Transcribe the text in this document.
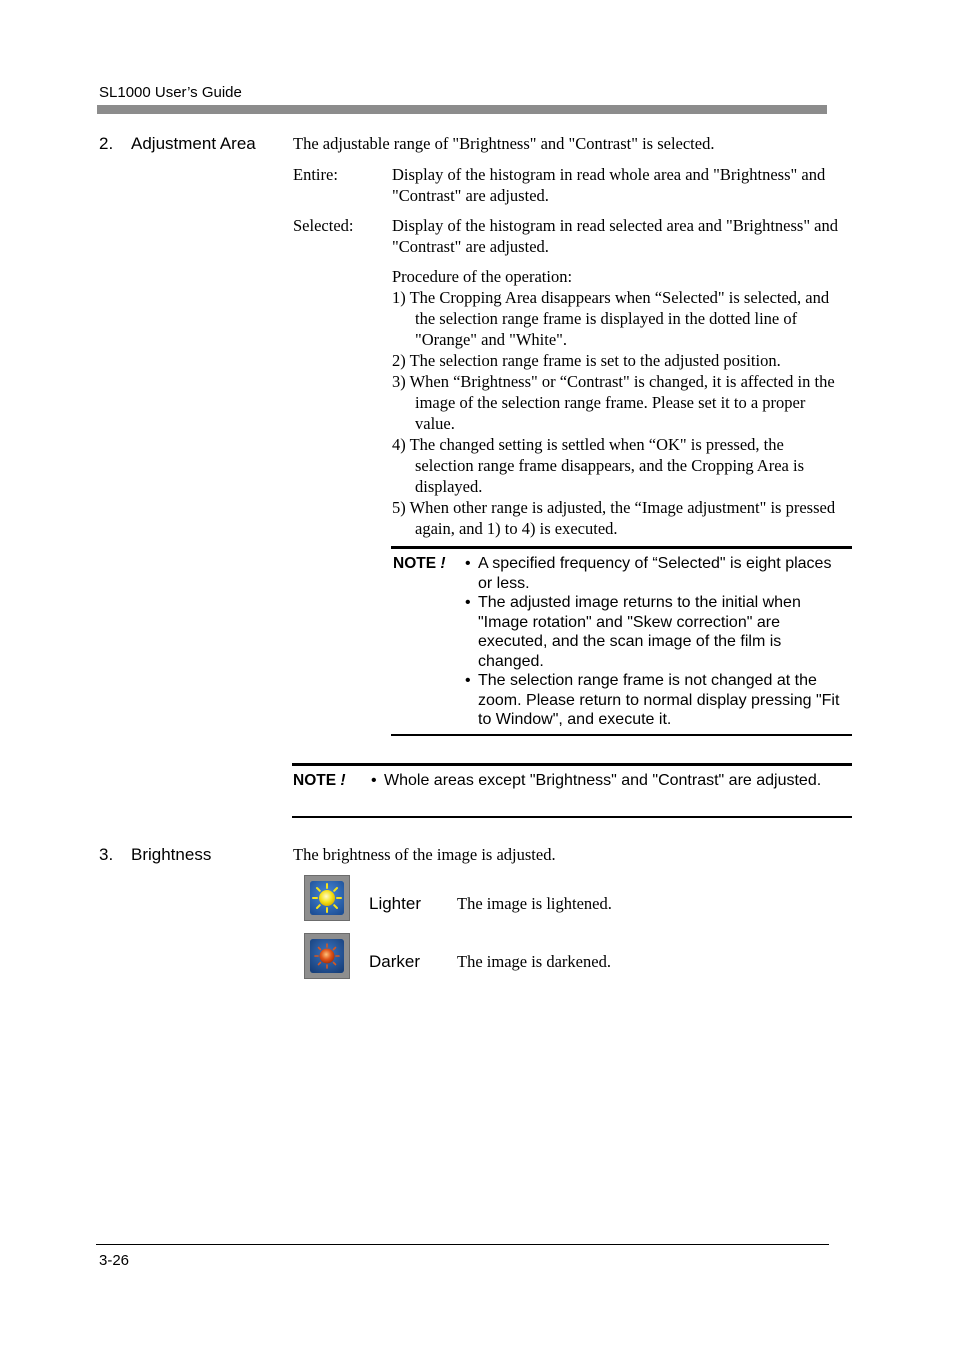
SL1000 User’s Guide
2. Adjustment Area The adjustable range of "Brightness" and "Contrast" is selected.
Entire:	Display of the histogram in read whole area and "Brightness" and "Contrast" are adjusted.
Selected: Display of the histogram in read selected area and "Brightness" and "Contrast" are adjusted.
Procedure of the operation:
1) The Cropping Area disappears when “Selected" is selected, and the selection range frame is displayed in the dotted line of "Orange" and "White".
2) The selection range frame is set to the adjusted position.
3) When “Brightness" or “Contrast" is changed, it is affected in the image of the selection range frame. Please set it to a proper value.
4) The changed setting is settled when “OK" is pressed, the selection range frame disappears, and the Cropping Area is displayed.
5) When other range is adjusted, the “Image adjustment" is pressed again, and 1) to 4) is executed.
NOTE ! • A specified frequency of “Selected" is eight places or less.
• The adjusted image returns to the initial when "Image rotation" and "Skew correction" are executed, and the scan image of the film is changed.
• The selection range frame is not changed at the zoom. Please return to normal display pressing "Fit to Window", and execute it.
NOTE ! • Whole areas except "Brightness" and "Contrast" are adjusted.
3. Brightness	The brightness of the image is adjusted.
Lighter The image is lightened.
Darker The image is darkened.
3-26
